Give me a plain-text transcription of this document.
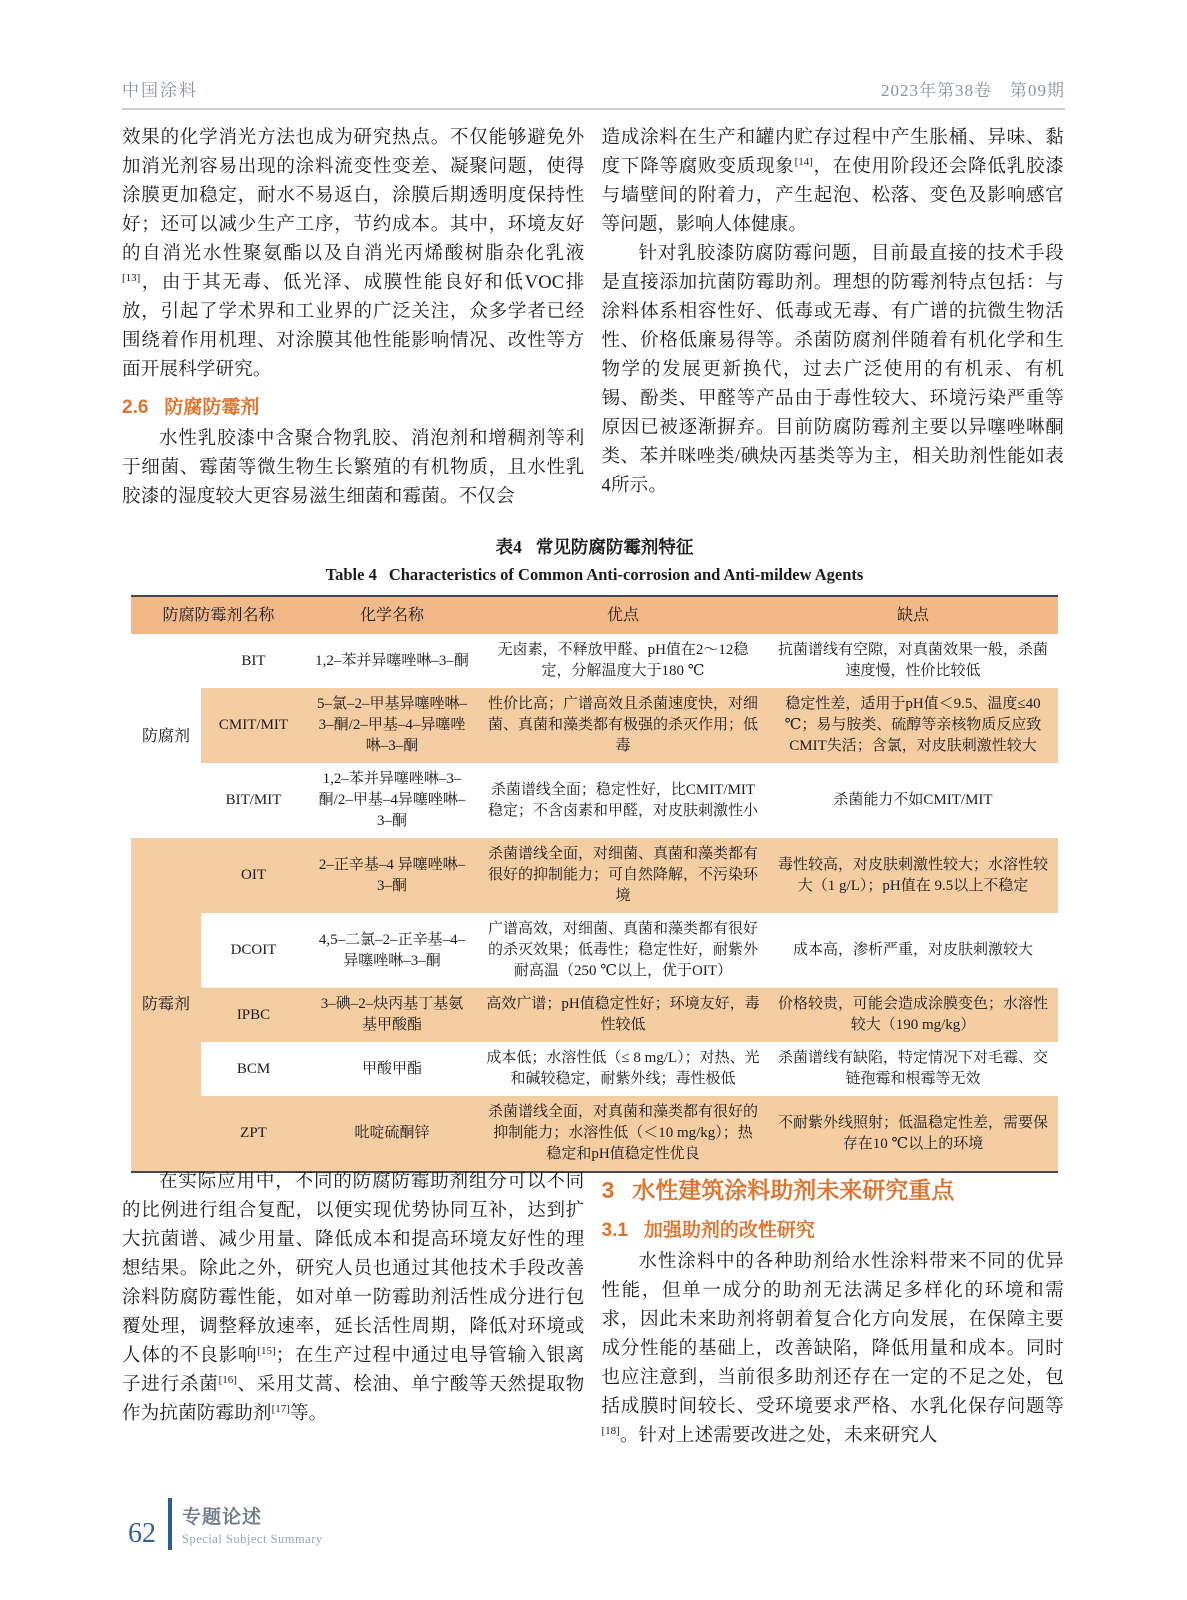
中国涂料	2023年第38卷　第09期

效果的化学消光方法也成为研究热点。不仅能够避免外加消光剂容易出现的涂料流变性变差、凝聚问题，使得涂膜更加稳定，耐水不易返白，涂膜后期透明度保持性好；还可以减少生产工序，节约成本。其中，环境友好的自消光水性聚氨酯以及自消光丙烯酸树脂杂化乳液[13]，由于其无毒、低光泽、成膜性能良好和低VOC排放，引起了学术界和工业界的广泛关注，众多学者已经围绕着作用机理、对涂膜其他性能影响情况、改性等方面开展科学研究。

2.6 防腐防霉剂

水性乳胶漆中含聚合物乳胶、消泡剂和增稠剂等利于细菌、霉菌等微生物生长繁殖的有机物质，且水性乳胶漆的湿度较大更容易滋生细菌和霉菌。不仅会

造成涂料在生产和罐内贮存过程中产生胀桶、异味、黏度下降等腐败变质现象[14]，在使用阶段还会降低乳胶漆与墙壁间的附着力，产生起泡、松落、变色及影响感官等问题，影响人体健康。

针对乳胶漆防腐防霉问题，目前最直接的技术手段是直接添加抗菌防霉助剂。理想的防霉剂特点包括：与涂料体系相容性好、低毒或无毒、有广谱的抗微生物活性、价格低廉易得等。杀菌防腐剂伴随着有机化学和生物学的发展更新换代，过去广泛使用的有机汞、有机锡、酚类、甲醛等产品由于毒性较大、环境污染严重等原因已被逐渐摒弃。目前防腐防霉剂主要以异噻唑啉酮类、苯并咪唑类/碘炔丙基类等为主，相关助剂性能如表4所示。

表4 常见防腐防霉剂特征
Table 4 Characteristics of Common Anti-corrosion and Anti-mildew Agents
防腐防霉剂名称		化学名称	优点	缺点
防腐剂	BIT	1,2–苯并异噻唑啉–3–酮	无卤素，不释放甲醛、pH值在2～12稳定，分解温度大于180 ℃	抗菌谱线有空隙，对真菌效果一般，杀菌速度慢，性价比较低
	CMIT/MIT	5–氯–2–甲基异噻唑啉–3–酮/2–甲基–4–异噻唑啉–3–酮	性价比高；广谱高效且杀菌速度快，对细菌、真菌和藻类都有极强的杀灭作用；低毒	稳定性差，适用于pH值＜9.5、温度≤40 ℃；易与胺类、硫醇等亲核物质反应致CMIT失活；含氯，对皮肤刺激性较大
	BIT/MIT	1,2–苯并异噻唑啉–3–酮/2–甲基–4异噻唑啉–3–酮	杀菌谱线全面；稳定性好，比CMIT/MIT稳定；不含卤素和甲醛，对皮肤刺激性小	杀菌能力不如CMIT/MIT
防霉剂	OIT	2–正辛基–4 异噻唑啉–3–酮	杀菌谱线全面，对细菌、真菌和藻类都有很好的抑制能力；可自然降解，不污染环境	毒性较高，对皮肤刺激性较大；水溶性较大（1 g/L）；pH值在 9.5以上不稳定
	DCOIT	4,5–二氯–2–正辛基–4–异噻唑啉–3–酮	广谱高效，对细菌、真菌和藻类都有很好的杀灭效果；低毒性；稳定性好，耐紫外耐高温（250 ℃以上，优于OIT）	成本高，渗析严重，对皮肤刺激较大
	IPBC	3–碘–2–炔丙基丁基氨基甲酸酯	高效广谱；pH值稳定性好；环境友好，毒性较低	价格较贵，可能会造成涂膜变色；水溶性较大（190 mg/kg）
	BCM	甲酸甲酯	成本低；水溶性低（≤ 8 mg/L）；对热、光和碱较稳定，耐紫外线；毒性极低	杀菌谱线有缺陷，特定情况下对毛霉、交链孢霉和根霉等无效
	ZPT	吡啶硫酮锌	杀菌谱线全面，对真菌和藻类都有很好的抑制能力；水溶性低（＜10 mg/kg）；热稳定和pH值稳定性优良	不耐紫外线照射；低温稳定性差，需要保存在10 ℃以上的环境

在实际应用中，不同的防腐防霉助剂组分可以不同的比例进行组合复配，以便实现优势协同互补，达到扩大抗菌谱、减少用量、降低成本和提高环境友好性的理想结果。除此之外，研究人员也通过其他技术手段改善涂料防腐防霉性能，如对单一防霉助剂活性成分进行包覆处理，调整释放速率，延长活性周期，降低对环境或人体的不良影响[15]；在生产过程中通过电导管输入银离子进行杀菌[16]、采用艾蒿、桧油、单宁酸等天然提取物作为抗菌防霉助剂[17]等。

3 水性建筑涂料助剂未来研究重点
3.1 加强助剂的改性研究

水性涂料中的各种助剂给水性涂料带来不同的优异性能，但单一成分的助剂无法满足多样化的环境和需求，因此未来助剂将朝着复合化方向发展，在保障主要成分性能的基础上，改善缺陷，降低用量和成本。同时也应注意到，当前很多助剂还存在一定的不足之处，包括成膜时间较长、受环境要求严格、水乳化保存问题等[18]。针对上述需要改进之处，未来研究人

62
专题论述
Special Subject Summary
